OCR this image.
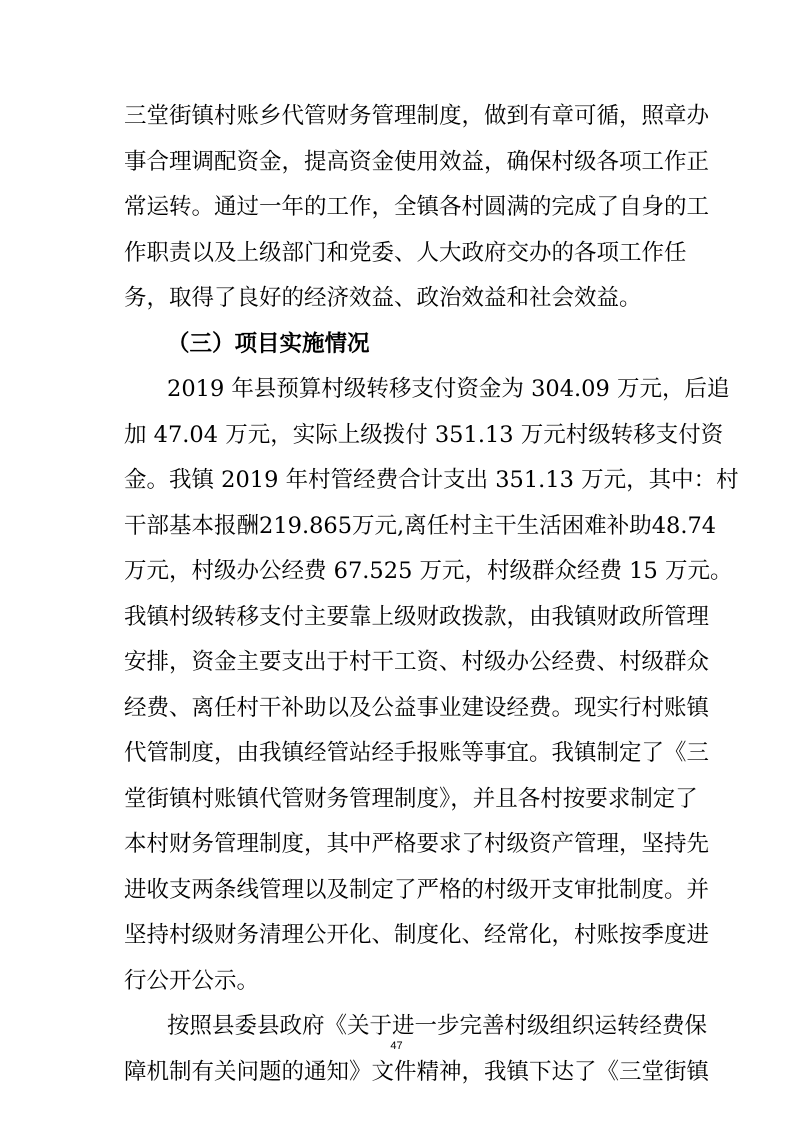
三堂街镇村账乡代管财务管理制度，做到有章可循，照章办
事合理调配资金，提高资金使用效益，确保村级各项工作正
常运转。通过一年的工作，全镇各村圆满的完成了自身的工
作职责以及上级部门和党委、人大政府交办的各项工作任
务，取得了良好的经济效益、政治效益和社会效益。
（三）项目实施情况
2019 年县预算村级转移支付资金为 304.09 万元，后追
加 47.04 万元，实际上级拨付 351.13 万元村级转移支付资
金。我镇 2019 年村管经费合计支出 351.13 万元，其中：村
干部基本报酬219.865万元,离任村主干生活困难补助48.74
万元，村级办公经费 67.525 万元，村级群众经费 15 万元。
我镇村级转移支付主要靠上级财政拨款，由我镇财政所管理
安排，资金主要支出于村干工资、村级办公经费、村级群众
经费、离任村干补助以及公益事业建设经费。现实行村账镇
代管制度，由我镇经管站经手报账等事宜。我镇制定了《三
堂街镇村账镇代管财务管理制度》，并且各村按要求制定了
本村财务管理制度，其中严格要求了村级资产管理，坚持先
进收支两条线管理以及制定了严格的村级开支审批制度。并
坚持村级财务清理公开化、制度化、经常化，村账按季度进
行公开公示。
按照县委县政府《关于进一步完善村级组织运转经费保
障机制有关问题的通知》文件精神，我镇下达了《三堂街镇
47
